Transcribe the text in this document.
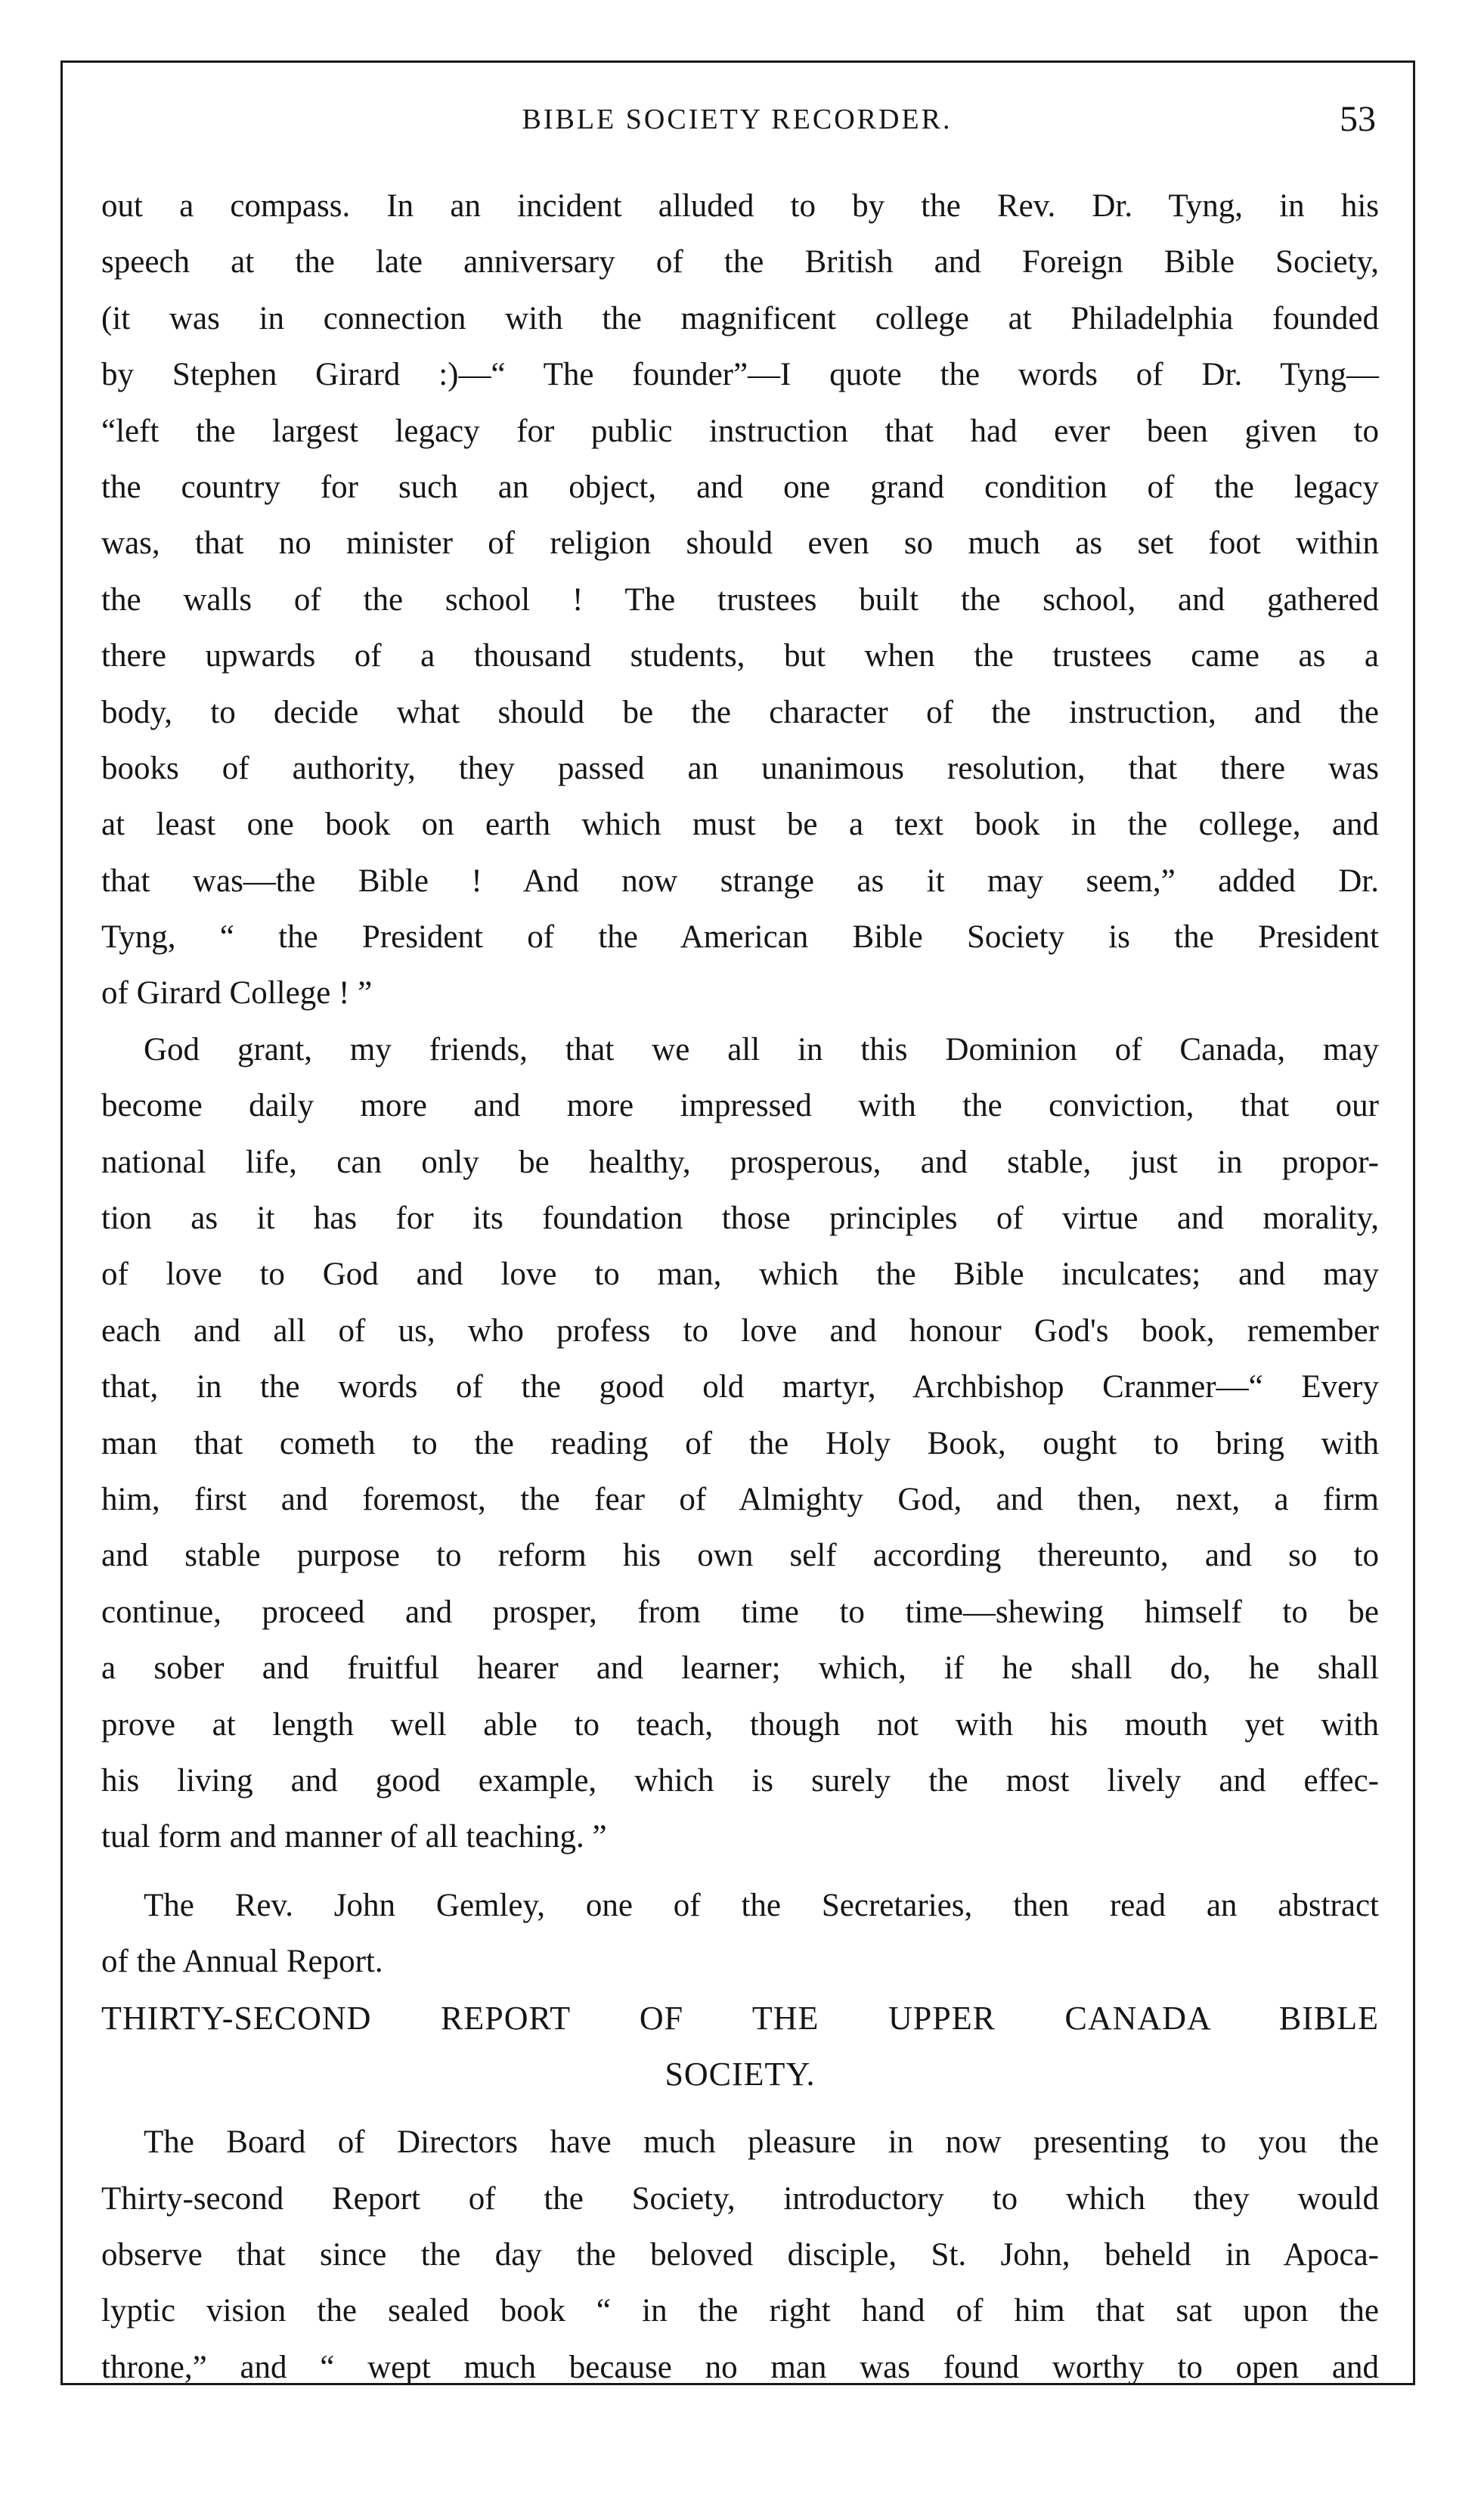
BIBLE SOCIETY RECORDER.	53

out a compass. In an incident alluded to by the Rev. Dr. Tyng, in his
speech at the late anniversary of the British and Foreign Bible Society,
(it was in connection with the magnificent college at Philadelphia founded
by Stephen Girard :)—“ The founder”—I quote the words of Dr. Tyng—
“left the largest legacy for public instruction that had ever been given to
the country for such an object, and one grand condition of the legacy
was, that no minister of religion should even so much as set foot within
the walls of the school ! The trustees built the school, and gathered
there upwards of a thousand students, but when the trustees came as a
body, to decide what should be the character of the instruction, and the
books of authority, they passed an unanimous resolution, that there was
at least one book on earth which must be a text book in the college, and
that was—the Bible ! And now strange as it may seem,” added Dr.
Tyng, “ the President of the American Bible Society is the President
of Girard College ! ”

God grant, my friends, that we all in this Dominion of Canada, may
become daily more and more impressed with the conviction, that our
national life, can only be healthy, prosperous, and stable, just in propor-
tion as it has for its foundation those principles of virtue and morality,
of love to God and love to man, which the Bible inculcates; and may
each and all of us, who profess to love and honour God's book, remember
that, in the words of the good old martyr, Archbishop Cranmer—“ Every
man that cometh to the reading of the Holy Book, ought to bring with
him, first and foremost, the fear of Almighty God, and then, next, a firm
and stable purpose to reform his own self according thereunto, and so to
continue, proceed and prosper, from time to time—shewing himself to be
a sober and fruitful hearer and learner; which, if he shall do, he shall
prove at length well able to teach, though not with his mouth yet with
his living and good example, which is surely the most lively and effec-
tual form and manner of all teaching. ”

The Rev. John Gemley, one of the Secretaries, then read an abstract
of the Annual Report.

THIRTY-SECOND REPORT OF THE UPPER CANADA BIBLE
SOCIETY.

The Board of Directors have much pleasure in now presenting to you the
Thirty-second Report of the Society, introductory to which they would
observe that since the day the beloved disciple, St. John, beheld in Apoca-
lyptic vision the sealed book “ in the right hand of him that sat upon the
throne,” and “ wept much because no man was found worthy to open and
